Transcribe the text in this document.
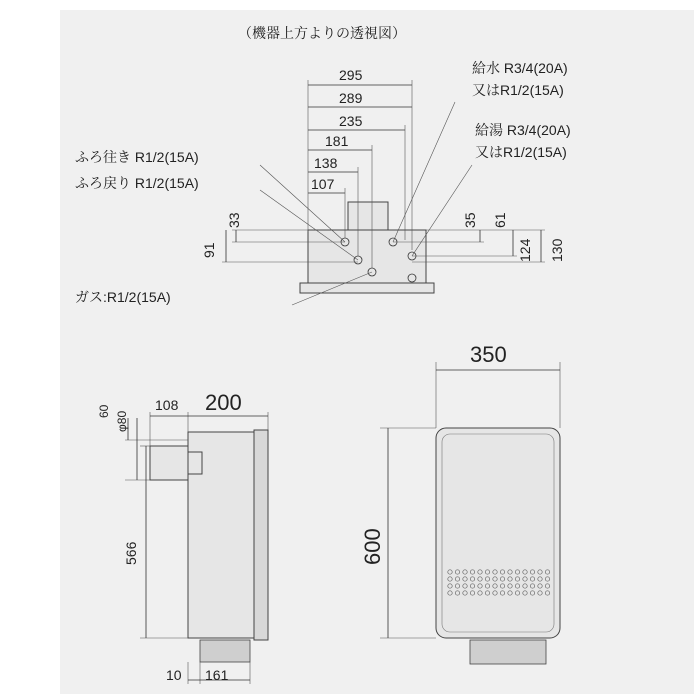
（機器上方よりの透視図）
295
289
235
181
138
107
33
91
35 61
124 130
給水 R3/4(20A)
又はR1/2(15A)
給湯 R3/4(20A)
又はR1/2(15A)
ふろ往き R1/2(15A)
ふろ戻り R1/2(15A)
ガス:R1/2(15A)
60 φ80
108 200
566
10 161
350
600
